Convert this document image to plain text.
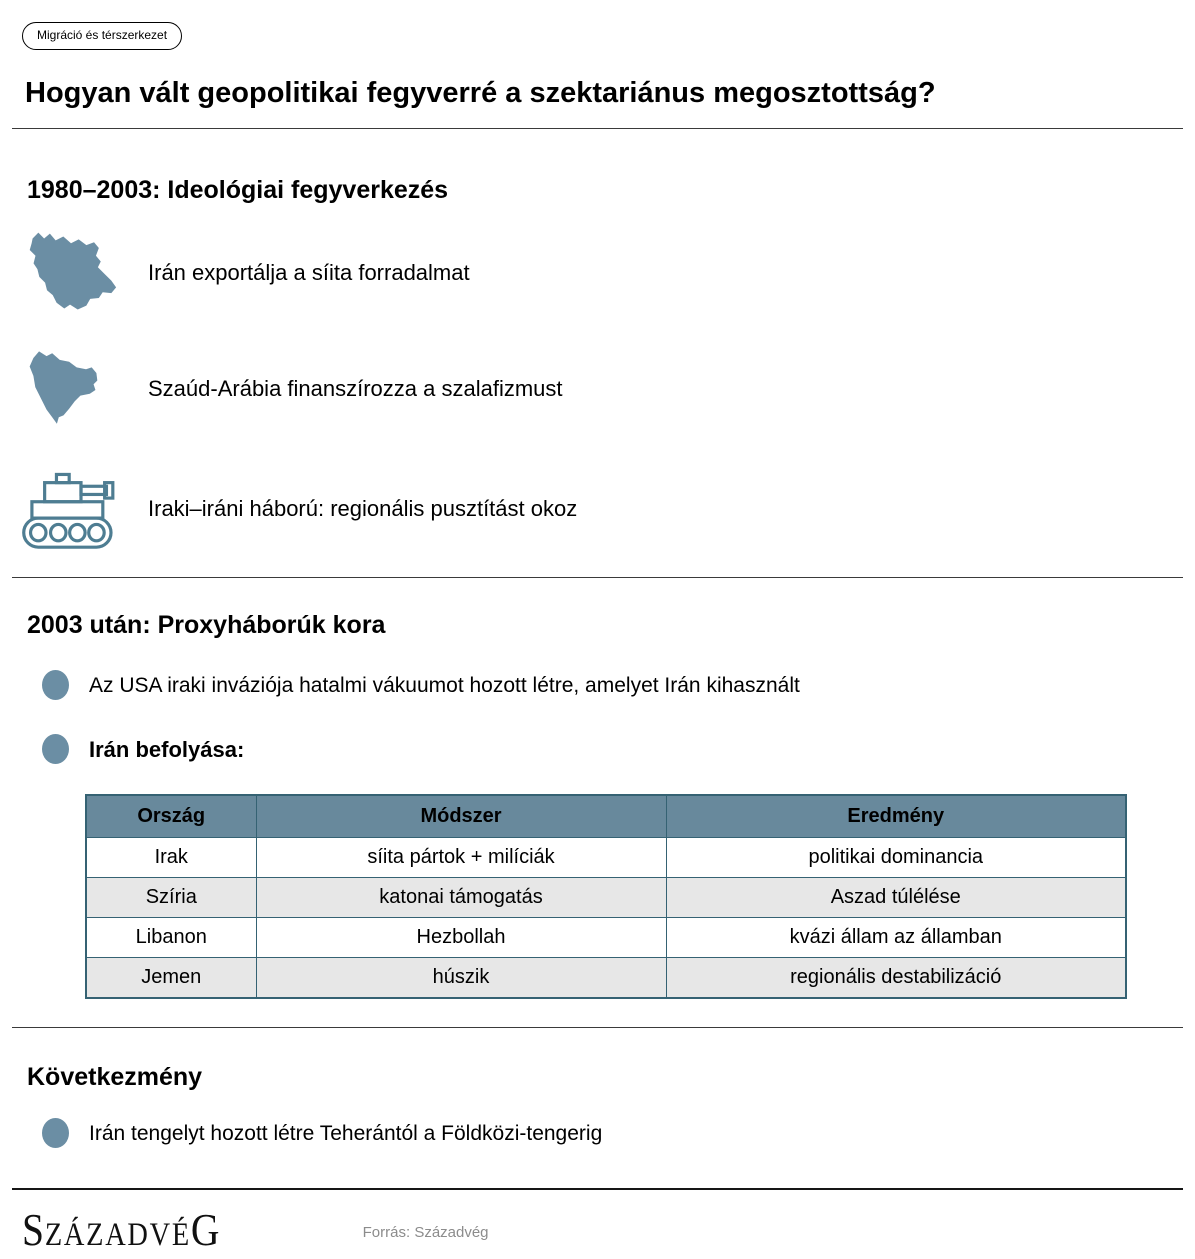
Migráció és térszerkezet
Hogyan vált geopolitikai fegyverré a szektariánus megosztottság?
1980–2003: Ideológiai fegyverkezés
Irán exportálja a síita forradalmat
Szaúd-Arábia finanszírozza a szalafizmust
Iraki–iráni háború: regionális pusztítást okoz
2003 után: Proxyháborúk kora
Az USA iraki inváziója hatalmi vákuumot hozott létre, amelyet Irán kihasznált
Irán befolyása:
Ország	Módszer	Eredmény
Irak	síita pártok + milíciák	politikai dominancia
Szíria	katonai támogatás	Aszad túlélése
Libanon	Hezbollah	kvázi állam az államban
Jemen	húszik	regionális destabilizáció
Következmény
Irán tengelyt hozott létre Teherántól a Földközi-tengerig
SZÁZADVÉG	Forrás: Századvég
